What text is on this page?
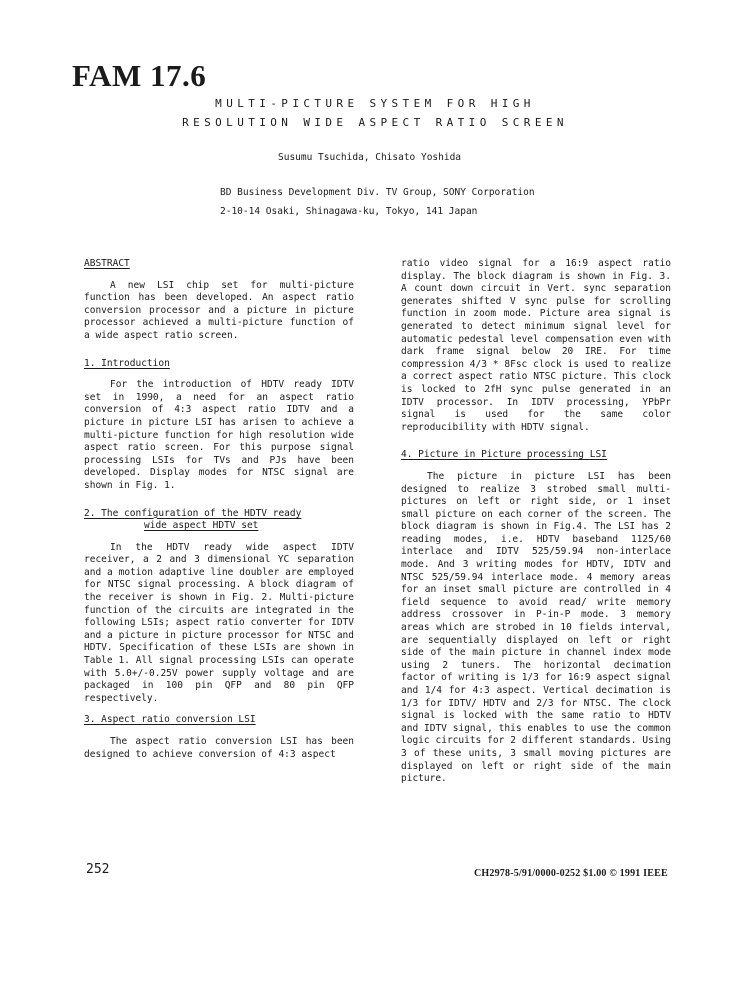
FAM 17.6
MULTI-PICTURE SYSTEM FOR HIGH
RESOLUTION WIDE ASPECT RATIO SCREEN

Susumu Tsuchida, Chisato Yoshida

BD Business Development Div. TV Group, SONY Corporation

2-10-14 Osaki, Shinagawa-ku, Tokyo, 141 Japan

ABSTRACT

A new LSI chip set for multi-picture function has been developed. An aspect ratio conversion processor and a picture in picture processor achieved a multi-picture function of a wide aspect ratio screen.

1. Introduction

For the introduction of HDTV ready IDTV set in 1990, a need for an aspect ratio conversion of 4:3 aspect ratio IDTV and a picture in picture LSI has arisen to achieve a multi-picture function for high resolution wide aspect ratio screen. For this purpose signal processing LSIs for TVs and PJs have been developed. Display modes for NTSC signal are shown in Fig. 1.

2. The configuration of the HDTV ready
wide aspect HDTV set

In the HDTV ready wide aspect IDTV receiver, a 2 and 3 dimensional YC separation and a motion adaptive line doubler are employed for NTSC signal processing. A block diagram of the receiver is shown in Fig. 2. Multi-picture function of the circuits are integrated in the following LSIs; aspect ratio converter for IDTV and a picture in picture processor for NTSC and HDTV. Specification of these LSIs are shown in Table 1. All signal processing LSIs can operate with 5.0+/-0.25V power supply voltage and are packaged in 100 pin QFP and 80 pin QFP respectively.

3. Aspect ratio conversion LSI

The aspect ratio conversion LSI has been designed to achieve conversion of 4:3 aspect

ratio video signal for a 16:9 aspect ratio display. The block diagram is shown in Fig. 3. A count down circuit in Vert. sync separation generates shifted V sync pulse for scrolling function in zoom mode. Picture area signal is generated to detect minimum signal level for automatic pedestal level compensation even with dark frame signal below 20 IRE. For time compression 4/3 * 8Fsc clock is used to realize a correct aspect ratio NTSC picture. This clock is locked to 2fH sync pulse generated in an IDTV processor. In IDTV processing, YPbPr signal is used for the same color reproducibility with HDTV signal.

4. Picture in Picture processing LSI

The picture in picture LSI has been designed to realize 3 strobed small multi-pictures on left or right side, or 1 inset small picture on each corner of the screen. The block diagram is shown in Fig.4. The LSI has 2 reading modes, i.e. HDTV baseband 1125/60 interlace and IDTV 525/59.94 non-interlace mode. And 3 writing modes for HDTV, IDTV and NTSC 525/59.94 interlace mode. 4 memory areas for an inset small picture are controlled in 4 field sequence to avoid read/ write memory address crossover in P-in-P mode. 3 memory areas which are strobed in 10 fields interval, are sequentially displayed on left or right side of the main picture in channel index mode using 2 tuners. The horizontal decimation factor of writing is 1/3 for 16:9 aspect signal and 1/4 for 4:3 aspect. Vertical decimation is 1/3 for IDTV/ HDTV and 2/3 for NTSC. The clock signal is locked with the same ratio to HDTV and IDTV signal, this enables to use the common logic circuits for 2 different standards. Using 3 of these units, 3 small moving pictures are displayed on left or right side of the main picture.

252	CH2978-5/91/0000-0252 $1.00 © 1991 IEEE
